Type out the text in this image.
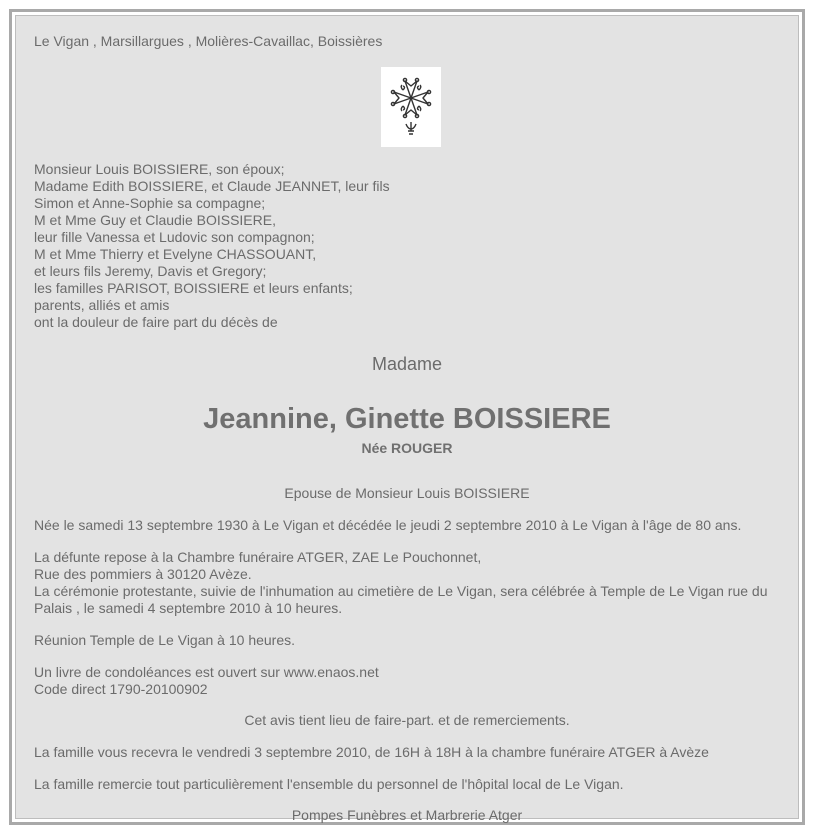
Le Vigan , Marsillargues , Molières-Cavaillac, Boissières
Monsieur Louis BOISSIERE, son époux;
Madame Edith BOISSIERE, et Claude JEANNET, leur fils
Simon et Anne-Sophie sa compagne;
M et Mme Guy et Claudie BOISSIERE,
leur fille Vanessa et Ludovic son compagnon;
M et Mme Thierry et Evelyne CHASSOUANT,
et leurs fils Jeremy, Davis et Gregory;
les familles PARISOT, BOISSIERE et leurs enfants;
parents, alliés et amis
ont la douleur de faire part du décès de
Madame
Jeannine, Ginette BOISSIERE
Née ROUGER
Epouse de Monsieur Louis BOISSIERE
Née le samedi 13 septembre 1930 à Le Vigan et décédée le jeudi 2 septembre 2010 à Le Vigan à l'âge de 80 ans.
La défunte repose à la Chambre funéraire ATGER, ZAE Le Pouchonnet,
Rue des pommiers à 30120 Avèze.
La cérémonie protestante, suivie de l'inhumation au cimetière de Le Vigan, sera célébrée à Temple de Le Vigan rue du Palais , le samedi 4 septembre 2010 à 10 heures.
Réunion Temple de Le Vigan à 10 heures.
Un livre de condoléances est ouvert sur www.enaos.net
Code direct 1790-20100902
Cet avis tient lieu de faire-part. et de remerciements.
La famille vous recevra le vendredi 3 septembre 2010, de 16H à 18H à la chambre funéraire ATGER à Avèze
La famille remercie tout particulièrement l'ensemble du personnel de l'hôpital local de Le Vigan.
Pompes Funèbres et Marbrerie Atger
